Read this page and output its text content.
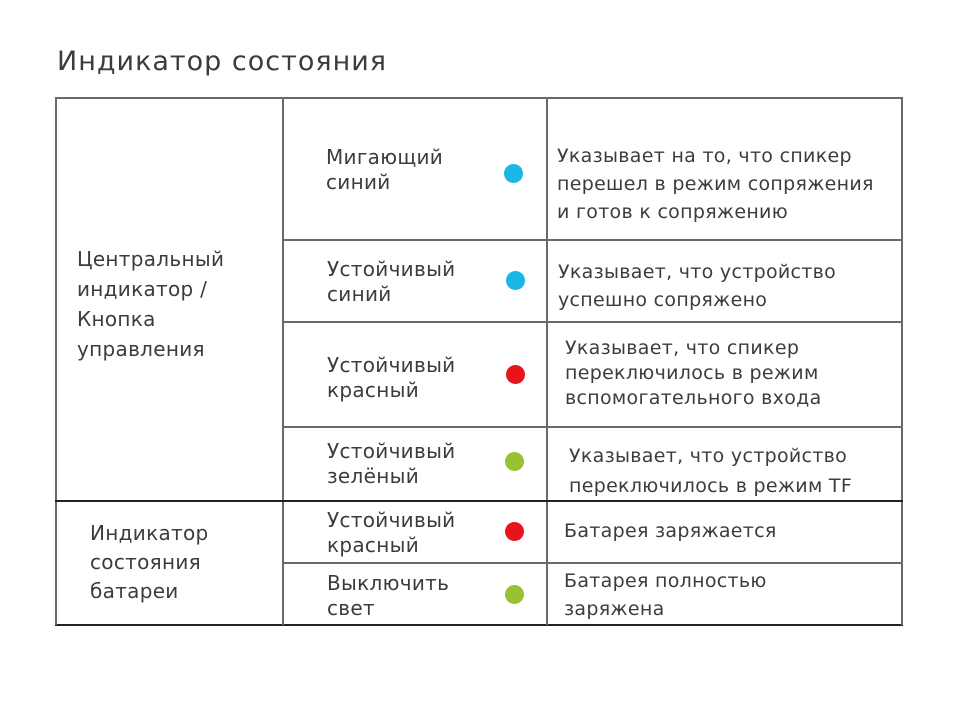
Индикатор состояния
Центральный
индикатор /
Кнопка
управления
Индикатор
состояния
батареи
Мигающий
синий
Указывает на то, что спикер
перешел в режим сопряжения
и готов к сопряжению
Устойчивый
синий
Указывает, что устройство
успешно сопряжено
Устойчивый
красный
Указывает, что спикер
переключилось в режим
вспомогательного входа
Устойчивый
зелёный
Указывает, что устройство
переключилось в режим TF
Устойчивый
красный
Батарея заряжается
Выключить
свет
Батарея полностью
заряжена
